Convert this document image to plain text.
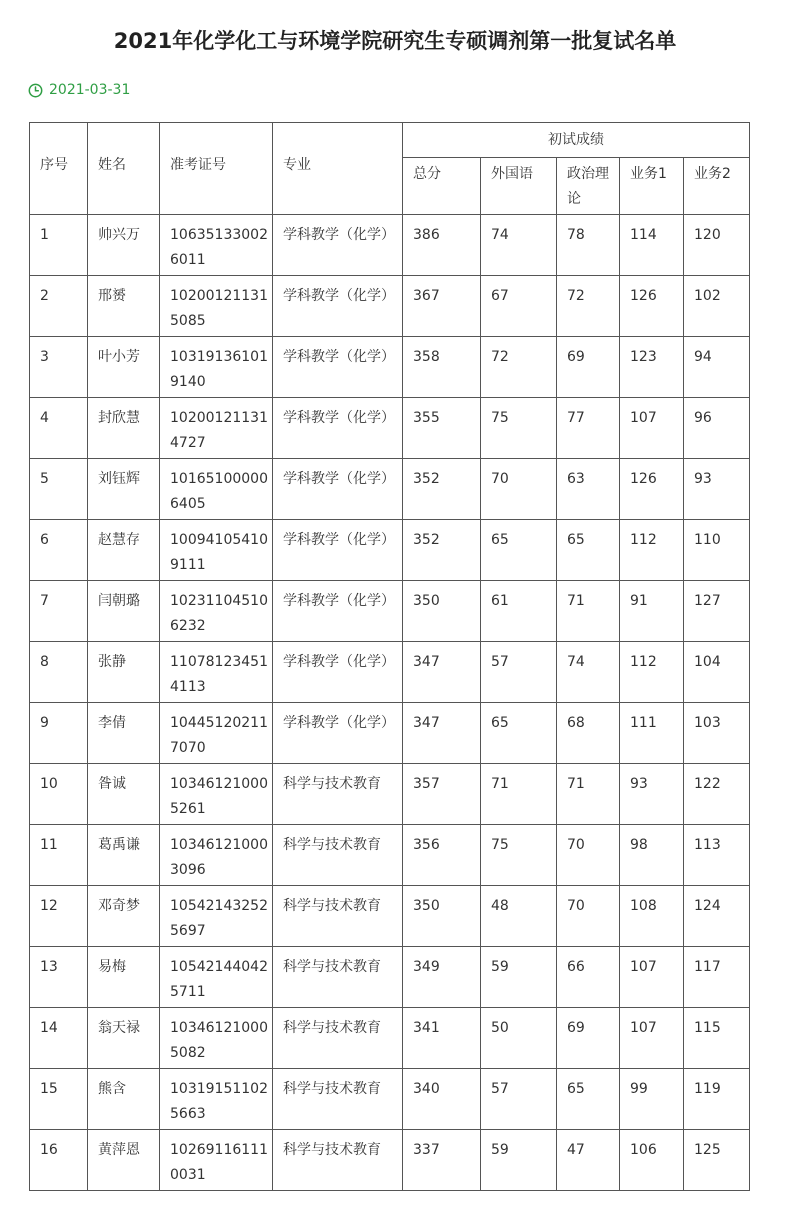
2021年化学化工与环境学院研究生专硕调剂第一批复试名单
2021-03-31
序号	姓名	准考证号	专业	初试成绩				
				总分	外国语	政治理论	业务1	业务2
1	帅兴万	106351330026011	学科教学（化学）	386	74	78	114	120
2	邢赟	102001211315085	学科教学（化学）	367	67	72	126	102
3	叶小芳	103191361019140	学科教学（化学）	358	72	69	123	94
4	封欣慧	102001211314727	学科教学（化学）	355	75	77	107	96
5	刘钰辉	101651000006405	学科教学（化学）	352	70	63	126	93
6	赵慧存	100941054109111	学科教学（化学）	352	65	65	112	110
7	闫朝璐	102311045106232	学科教学（化学）	350	61	71	91	127
8	张静	110781234514113	学科教学（化学）	347	57	74	112	104
9	李倩	104451202117070	学科教学（化学）	347	65	68	111	103
10	昝诚	103461210005261	科学与技术教育	357	71	71	93	122
11	葛禹谦	103461210003096	科学与技术教育	356	75	70	98	113
12	邓奇梦	105421432525697	科学与技术教育	350	48	70	108	124
13	易梅	105421440425711	科学与技术教育	349	59	66	107	117
14	翁天禄	103461210005082	科学与技术教育	341	50	69	107	115
15	熊含	103191511025663	科学与技术教育	340	57	65	99	119
16	黄萍恩	102691161110031	科学与技术教育	337	59	47	106	125
